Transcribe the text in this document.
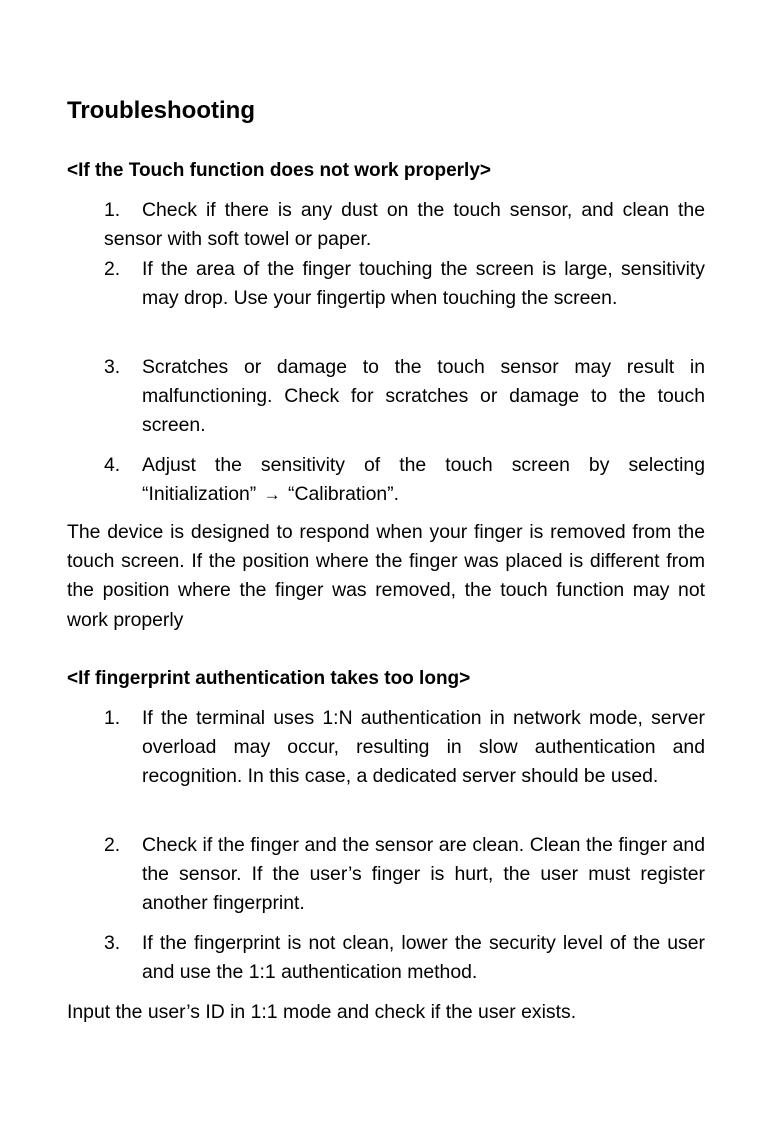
Troubleshooting
<If the Touch function does not work properly>

1. Check if there is any dust on the touch sensor, and clean the sensor with soft towel or paper.

2.	If the area of the finger touching the screen is large, sensitivity may drop. Use your fingertip when touching the screen.

3.	Scratches or damage to the touch sensor may result in malfunctioning. Check for scratches or damage to the touch screen.

4.	Adjust the sensitivity of the touch screen by selecting “Initialization” → “Calibration”.

The device is designed to respond when your finger is removed from the touch screen. If the position where the finger was placed is different from the position where the finger was removed, the touch function may not work properly

<If fingerprint authentication takes too long>

1.	If the terminal uses 1:N authentication in network mode, server overload may occur, resulting in slow authentication and recognition. In this case, a dedicated server should be used.

2.	Check if the finger and the sensor are clean. Clean the finger and the sensor. If the user’s finger is hurt, the user must register another fingerprint.

3.	If the fingerprint is not clean, lower the security level of the user and use the 1:1 authentication method.

Input the user’s ID in 1:1 mode and check if the user exists.
